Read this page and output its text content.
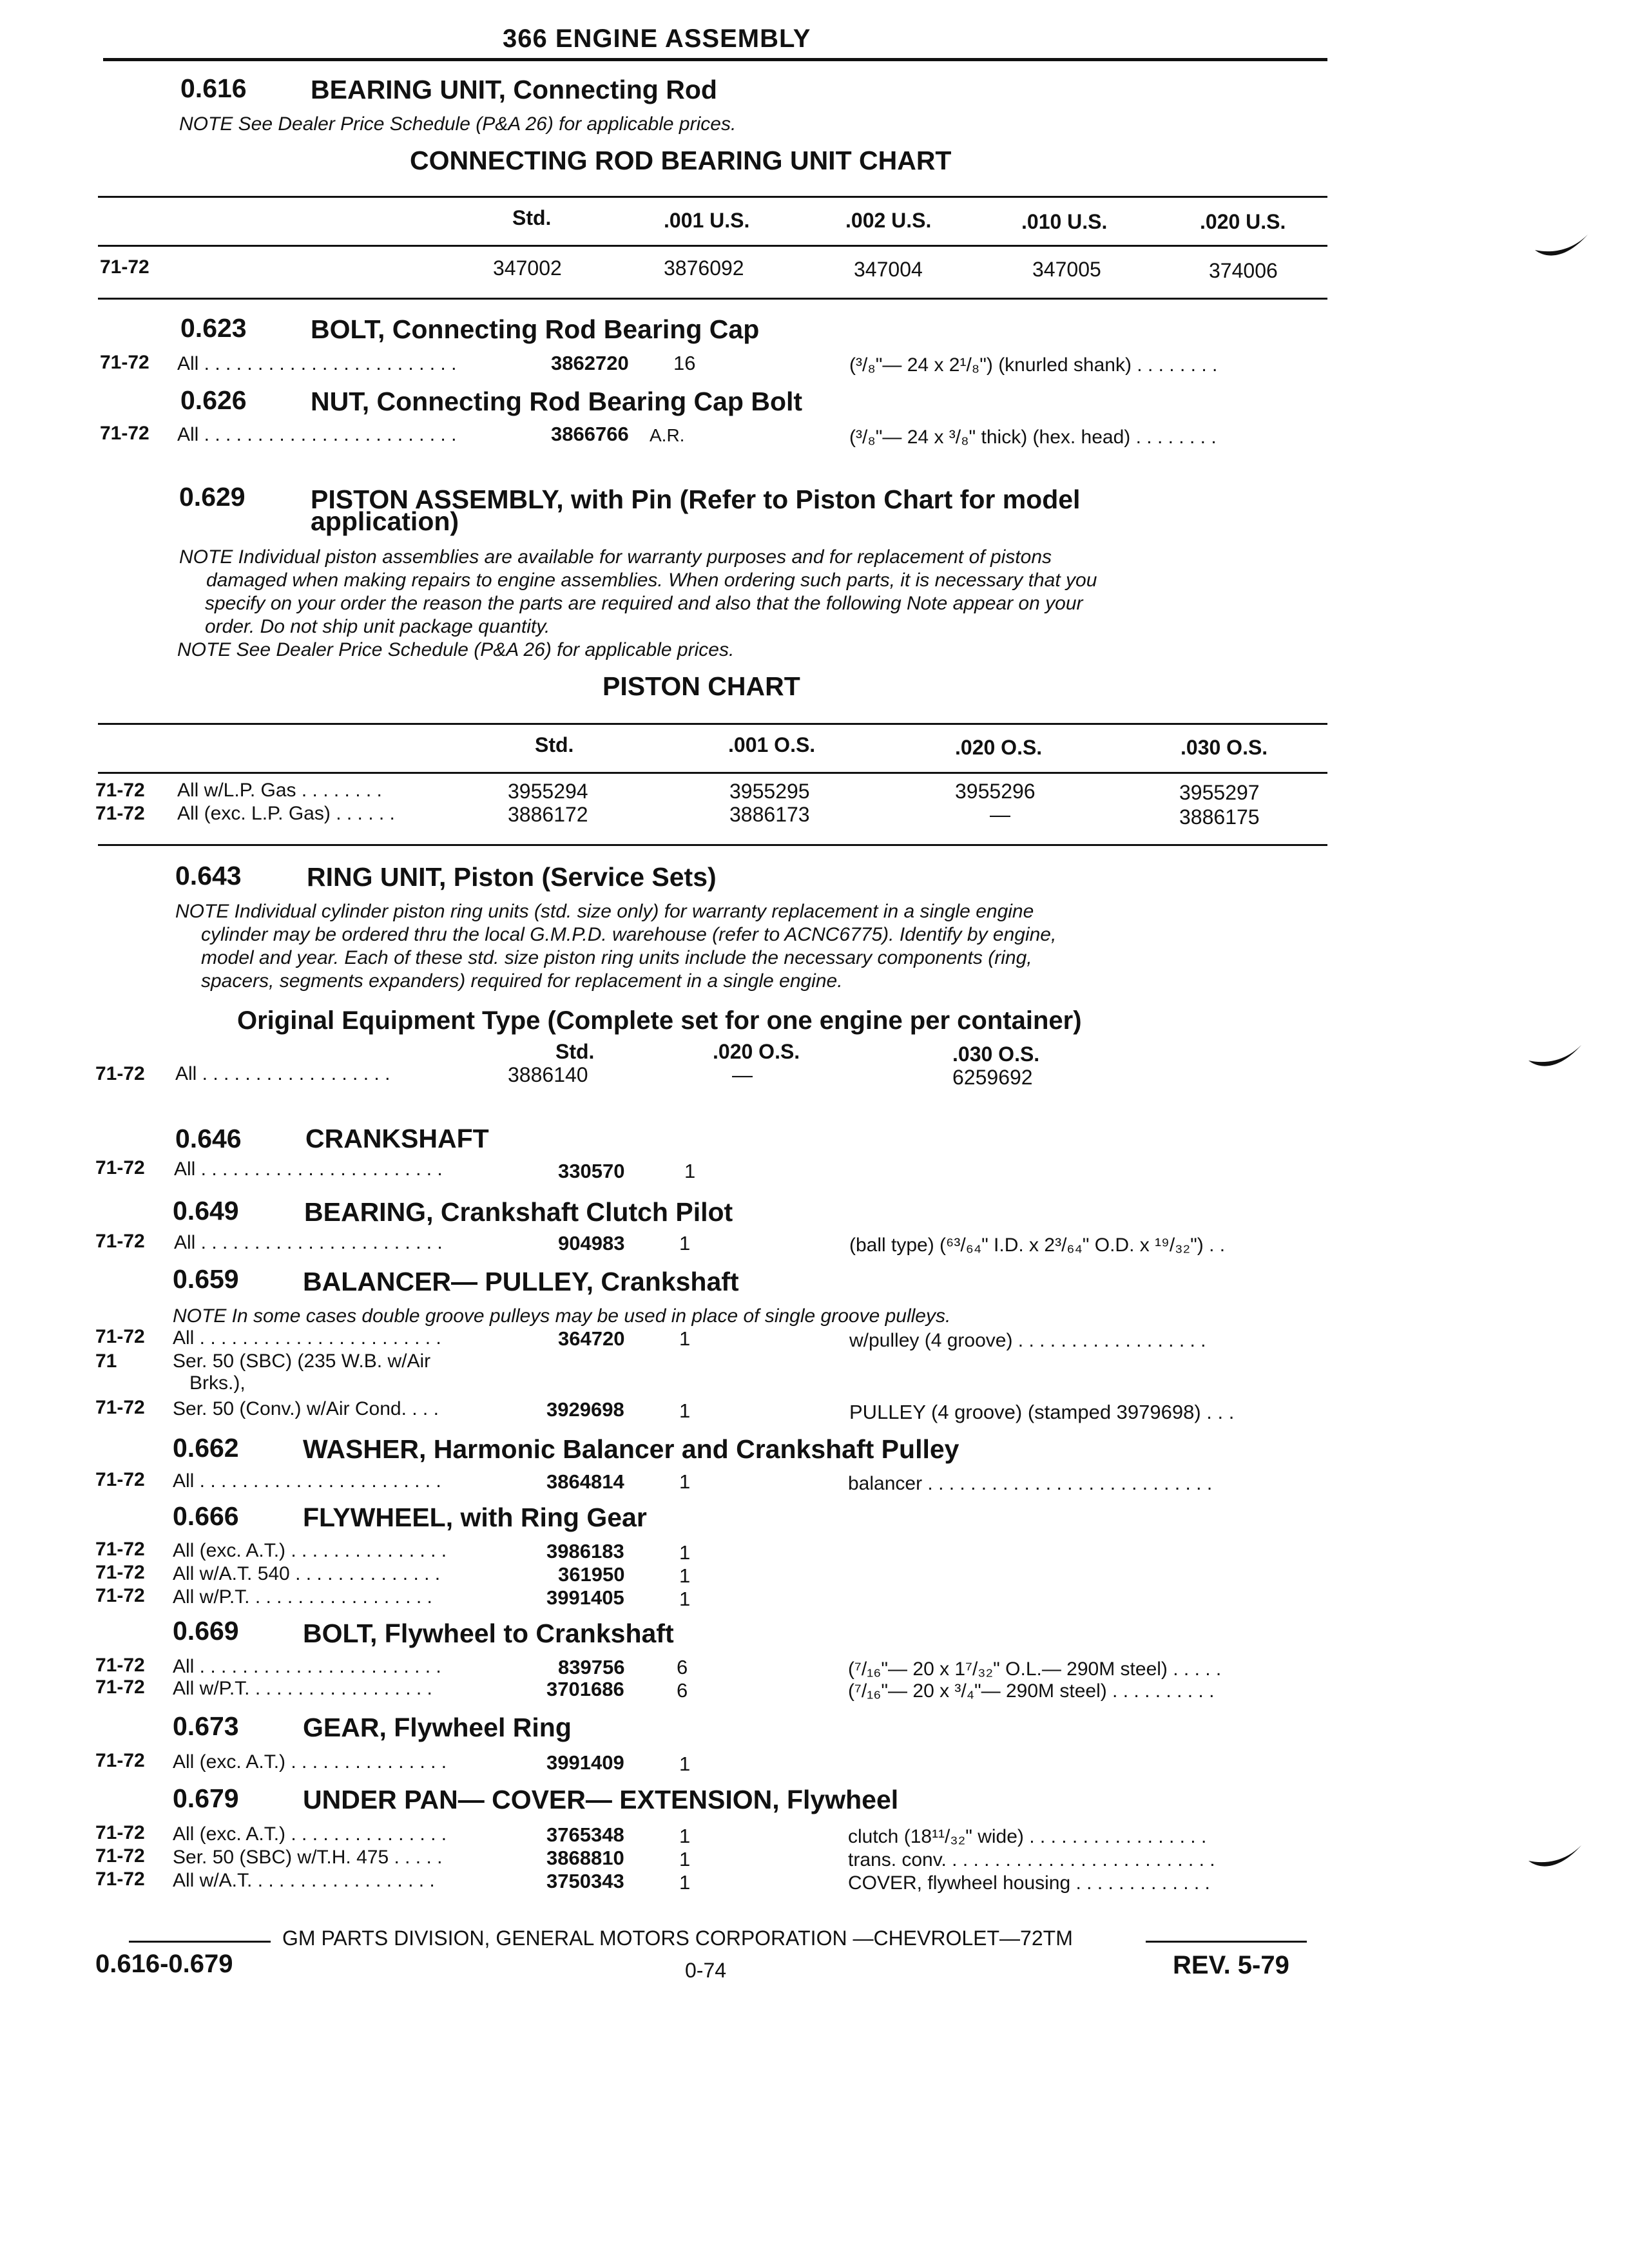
366 ENGINE ASSEMBLY
0.616 BEARING UNIT, Connecting Rod
NOTE See Dealer Price Schedule (P&A 26) for applicable prices.
CONNECTING ROD BEARING UNIT CHART
Std.	.001 U.S.	.002 U.S.	.010 U.S.	.020 U.S.
71-72	347002	3876092	347004	347005	374006
0.623 BOLT, Connecting Rod Bearing Cap
71-72 All . . . . . . . . . . . . . . . . . . . . . . . .	3862720 16	(³/₈"— 24 x 2¹/₈") (knurled shank) . . . . . . . .
0.626 NUT, Connecting Rod Bearing Cap Bolt
71-72 All . . . . . . . . . . . . . . . . . . . . . . . .	3866766 A.R.	(³/₈"— 24 x ³/₈" thick) (hex. head) . . . . . . . .
0.629 PISTON ASSEMBLY, with Pin (Refer to Piston Chart for model
application)
NOTE Individual piston assemblies are available for warranty purposes and for replacement of pistons
damaged when making repairs to engine assemblies. When ordering such parts, it is necessary that you
specify on your order the reason the parts are required and also that the following Note appear on your
order. Do not ship unit package quantity.
NOTE See Dealer Price Schedule (P&A 26) for applicable prices.
PISTON CHART
Std.	.001 O.S.	.020 O.S.	.030 O.S.
71-72 All w/L.P. Gas . . . . . . . .	3955294	3955295	3955296	3955297
71-72 All (exc. L.P. Gas) . . . . . .	3886172	3886173	—	3886175
0.643 RING UNIT, Piston (Service Sets)
NOTE Individual cylinder piston ring units (std. size only) for warranty replacement in a single engine
cylinder may be ordered thru the local G.M.P.D. warehouse (refer to ACNC6775). Identify by engine,
model and year. Each of these std. size piston ring units include the necessary components (ring,
spacers, segments expanders) required for replacement in a single engine.
Original Equipment Type (Complete set for one engine per container)
Std.	.020 O.S.	.030 O.S.
71-72 All . . . . . . . . . . . . . . . . . .	3886140	—	6259692
0.646 CRANKSHAFT
71-72 All . . . . . . . . . . . . . . . . . . . . . . .	330570	1
0.649 BEARING, Crankshaft Clutch Pilot
71-72 All . . . . . . . . . . . . . . . . . . . . . . .	904983	1	(ball type) (⁶³/₆₄" I.D. x 2³/₆₄" O.D. x ¹⁹/₃₂") . .
0.659 BALANCER— PULLEY, Crankshaft
NOTE In some cases double groove pulleys may be used in place of single groove pulleys.
71-72 All . . . . . . . . . . . . . . . . . . . . . . .	364720	1	w/pulley (4 groove) . . . . . . . . . . . . . . . . . .
71	Ser. 50 (SBC) (235 W.B. w/Air
Brks.),
71-72 Ser. 50 (Conv.) w/Air Cond. . . .	3929698	1	PULLEY (4 groove) (stamped 3979698) . . .
0.662 WASHER, Harmonic Balancer and Crankshaft Pulley
71-72 All . . . . . . . . . . . . . . . . . . . . . . .	3864814	1	balancer . . . . . . . . . . . . . . . . . . . . . . . . . . .
0.666 FLYWHEEL, with Ring Gear
71-72 All (exc. A.T.) . . . . . . . . . . . . . . .	3986183	1
71-72 All w/A.T. 540 . . . . . . . . . . . . . .	361950	1
71-72 All w/P.T. . . . . . . . . . . . . . . . . .	3991405	1
0.669 BOLT, Flywheel to Crankshaft
71-72 All . . . . . . . . . . . . . . . . . . . . . . .	839756	6	(⁷/₁₆"— 20 x 1⁷/₃₂" O.L.— 290M steel) . . . . .
71-72 All w/P.T. . . . . . . . . . . . . . . . . .	3701686	6	(⁷/₁₆"— 20 x ³/₄"— 290M steel) . . . . . . . . . .
0.673 GEAR, Flywheel Ring
71-72 All (exc. A.T.) . . . . . . . . . . . . . . .	3991409	1
0.679 UNDER PAN— COVER— EXTENSION, Flywheel
71-72 All (exc. A.T.) . . . . . . . . . . . . . . .	3765348	1	clutch (18¹¹/₃₂" wide) . . . . . . . . . . . . . . . . .
71-72 Ser. 50 (SBC) w/T.H. 475 . . . . .	3868810	1	trans. conv. . . . . . . . . . . . . . . . . . . . . . . . . .
71-72 All w/A.T. . . . . . . . . . . . . . . . . .	3750343	1	COVER, flywheel housing . . . . . . . . . . . . .
GM PARTS DIVISION, GENERAL MOTORS CORPORATION —CHEVROLET—72TM
0.616-0.679	0-74	REV. 5-79
